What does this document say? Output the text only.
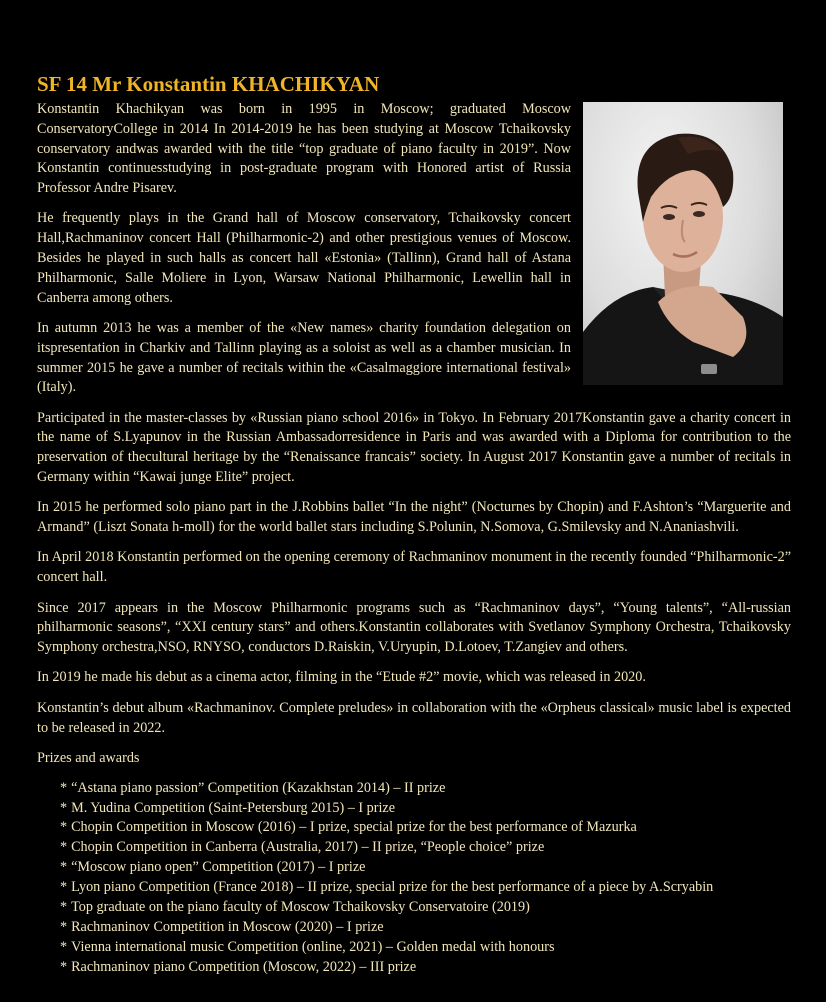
SF 14 Mr Konstantin KHACHIKYAN

Konstantin Khachikyan was born in 1995 in Moscow; graduated Moscow ConservatoryCollege in 2014 In 2014-2019 he has been studying at Moscow Tchaikovsky conservatory andwas awarded with the title “top graduate of piano faculty in 2019”. Now Konstantin continuesstudying in post-graduate program with Honored artist of Russia Professor Andre Pisarev.

He frequently plays in the Grand hall of Moscow conservatory, Tchaikovsky concert Hall,Rachmaninov concert Hall (Philharmonic-2) and other prestigious venues of Moscow. Besides he played in such halls as concert hall «Estonia» (Tallinn), Grand hall of Astana Philharmonic, Salle Moliere in Lyon, Warsaw National Philharmonic, Lewellin hall in Canberra among others.

In autumn 2013 he was a member of the «New names» charity foundation delegation on itspresentation in Charkiv and Tallinn playing as a soloist as well as a chamber musician. In summer 2015 he gave a number of recitals within the «Casalmaggiore international festival» (Italy).

Participated in the master-classes by «Russian piano school 2016» in Tokyo. In February 2017Konstantin gave a charity concert in the name of S.Lyapunov in the Russian Ambassadorresidence in Paris and was awarded with a Diploma for contribution to the preservation of thecultural heritage by the “Renaissance francais” society. In August 2017 Konstantin gave a number of recitals in Germany within “Kawai junge Elite” project.

In 2015 he performed solo piano part in the J.Robbins ballet “In the night” (Nocturnes by Chopin) and F.Ashton’s “Marguerite and Armand” (Liszt Sonata h-moll) for the world ballet stars including S.Polunin, N.Somova, G.Smilevsky and N.Ananiashvili.

In April 2018 Konstantin performed on the opening ceremony of Rachmaninov monument in the recently founded “Philharmonic-2” concert hall.

Since 2017 appears in the Moscow Philharmonic programs such as “Rachmaninov days”, “Young talents”, “All-russian philharmonic seasons”, “XXI century stars” and others.Konstantin collaborates with Svetlanov Symphony Orchestra, Tchaikovsky Symphony orchestra,NSO, RNYSO, conductors D.Raiskin, V.Uryupin, D.Lotoev, T.Zangiev and others.

In 2019 he made his debut as a cinema actor, filming in the “Etude #2” movie, which was released in 2020.

Konstantin’s debut album «Rachmaninov. Complete preludes» in collaboration with the «Orpheus classical» music label is expected to be released in 2022.

Prizes and awards
* “Astana piano passion” Competition (Kazakhstan 2014) – II prize
* M. Yudina Competition (Saint-Petersburg 2015) – I prize
* Chopin Competition in Moscow (2016) – I prize, special prize for the best performance of Mazurka
* Chopin Competition in Canberra (Australia, 2017) – II prize, “People choice” prize
* “Moscow piano open” Competition (2017) – I prize
* Lyon piano Competition (France 2018) – II prize, special prize for the best performance of a piece by A.Scryabin
* Top graduate on the piano faculty of Moscow Tchaikovsky Conservatoire (2019)
* Rachmaninov Competition in Moscow (2020) – I prize
* Vienna international music Competition (online, 2021) – Golden medal with honours
* Rachmaninov piano Competition (Moscow, 2022) – III prize
